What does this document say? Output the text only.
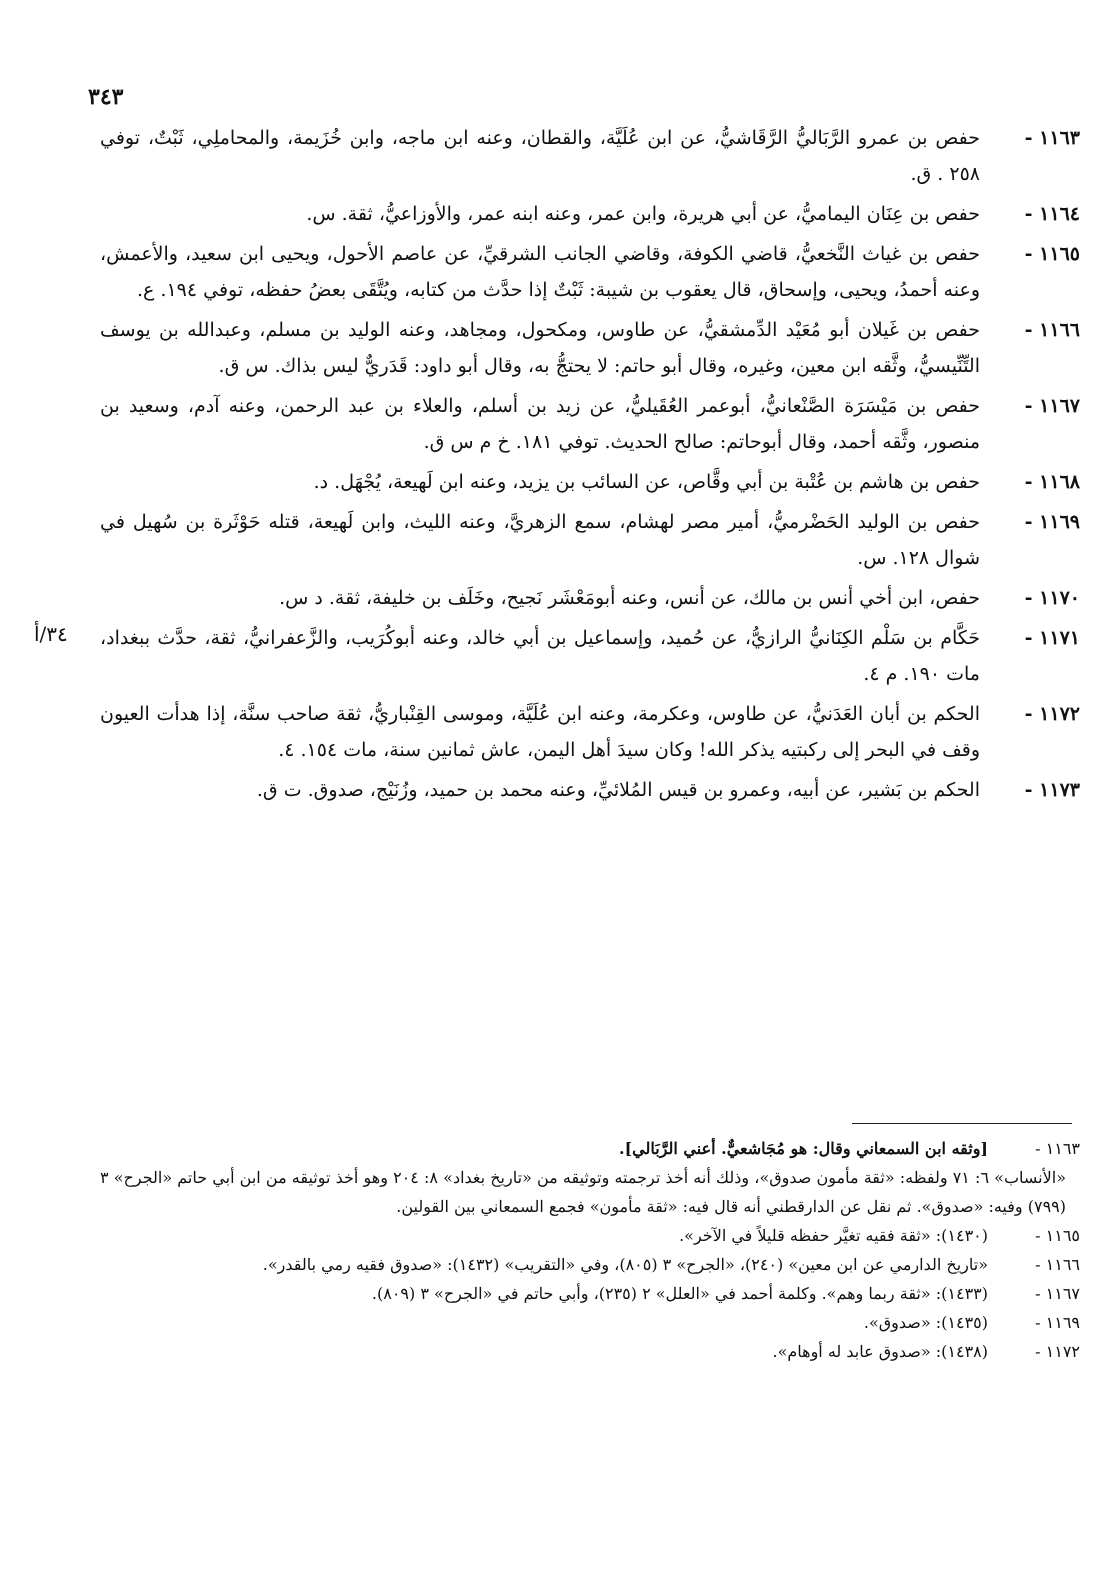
٣٤٣
٣٤/أ
١١٦٣ -
حفص بن عمرو الرَّبَاليُّ الرَّقَاشيُّ، عن ابن عُلَيَّة، والقطان، وعنه ابن ماجه، وابن خُزَيمة، والمحاملِي، ثَبْتٌ، توفي ٢٥٨ . ق.
١١٦٤ -
حفص بن عِنَان اليماميُّ، عن أبي هريرة، وابن عمر، وعنه ابنه عمر، والأوزاعيُّ، ثقة. س.
١١٦٥ -
حفص بن غياث النَّخعيُّ، قاضي الكوفة، وقاضي الجانب الشرقيِّ، عن عاصم الأحول، ويحيى ابن سعيد، والأعمش، وعنه أحمدُ، ويحيى، وإسحاق، قال يعقوب بن شيبة: ثَبْتٌ إذا حدَّث من كتابه، ويُتَّقَى بعضُ حفظه، توفي ١٩٤. ع.
١١٦٦ -
حفص بن غَيلان أبو مُعَيْد الدِّمشقيُّ، عن طاوس، ومكحول، ومجاهد، وعنه الوليد بن مسلم، وعبدالله بن يوسف التِّنِّيسيُّ، وثَّقه ابن معين، وغيره، وقال أبو حاتم: لا يحتجُّ به، وقال أبو داود: قَدَريٌّ ليس بذاك. س ق.
١١٦٧ -
حفص بن مَيْسَرَة الصَّنْعانيُّ، أبوعمر العُقَيليُّ، عن زيد بن أسلم، والعلاء بن عبد الرحمن، وعنه آدم، وسعيد بن منصور، وثَّقه أحمد، وقال أبوحاتم: صالح الحديث. توفي ١٨١. خ م س ق.
١١٦٨ -
حفص بن هاشم بن عُتْبة بن أبي وقَّاص، عن السائب بن يزيد، وعنه ابن لَهيعة، يُجْهَل. د.
١١٦٩ -
حفص بن الوليد الحَضْرميُّ، أمير مصر لهشام، سمع الزهريَّ، وعنه الليث، وابن لَهيعة، قتله حَوْثَرة بن سُهيل في شوال ١٢٨. س.
١١٧٠ -
حفص، ابن أخي أنس بن مالك، عن أنس، وعنه أبومَعْشَر نَجيح، وخَلَف بن خليفة، ثقة. د س.
١١٧١ -
حَكَّام بن سَلْم الكِنَانيُّ الرازيُّ، عن حُميد، وإسماعيل بن أبي خالد، وعنه أبوكُرَيب، والزَّعفرانيُّ، ثقة، حدَّث ببغداد، مات ١٩٠. م ٤.
١١٧٢ -
الحكم بن أبان العَدَنيُّ، عن طاوس، وعكرمة، وعنه ابن عُلَيَّة، وموسى القِنْباريُّ، ثقة صاحب سنَّة، إذا هدأت العيون وقف في البحر إلى ركبتيه يذكر الله! وكان سيدَ أهل اليمن، عاش ثمانين سنة، مات ١٥٤. ٤.
١١٧٣ -
الحكم بن بَشير، عن أبيه، وعمرو بن قيس المُلائيِّ، وعنه محمد بن حميد، وزُنَيْج، صدوق. ت ق.
١١٦٣ -
[وثقه ابن السمعاني وقال: هو مُجَاشعيٌّ. أعني الرَّبَالي].
«الأنساب» ٦: ٧١ ولفظه: «ثقة مأمون صدوق»، وذلك أنه أخذ ترجمته وتوثيقه من «تاريخ بغداد» ٨: ٢٠٤ وهو أخذ توثيقه من ابن أبي حاتم «الجرح» ٣ (٧٩٩) وفيه: «صدوق». ثم نقل عن الدارقطني أنه قال فيه: «ثقة مأمون» فجمع السمعاني بين القولين.
١١٦٥ -
(١٤٣٠): «ثقة فقيه تغيَّر حفظه قليلاً في الآخر».
١١٦٦ -
«تاريخ الدارمي عن ابن معين» (٢٤٠)، «الجرح» ٣ (٨٠٥)، وفي «التقريب» (١٤٣٢): «صدوق فقيه رمي بالقدر».
١١٦٧ -
(١٤٣٣): «ثقة ربما وهم». وكلمة أحمد في «العلل» ٢ (٢٣٥)، وأبي حاتم في «الجرح» ٣ (٨٠٩).
١١٦٩ -
(١٤٣٥): «صدوق».
١١٧٢ -
(١٤٣٨): «صدوق عابد له أوهام».
